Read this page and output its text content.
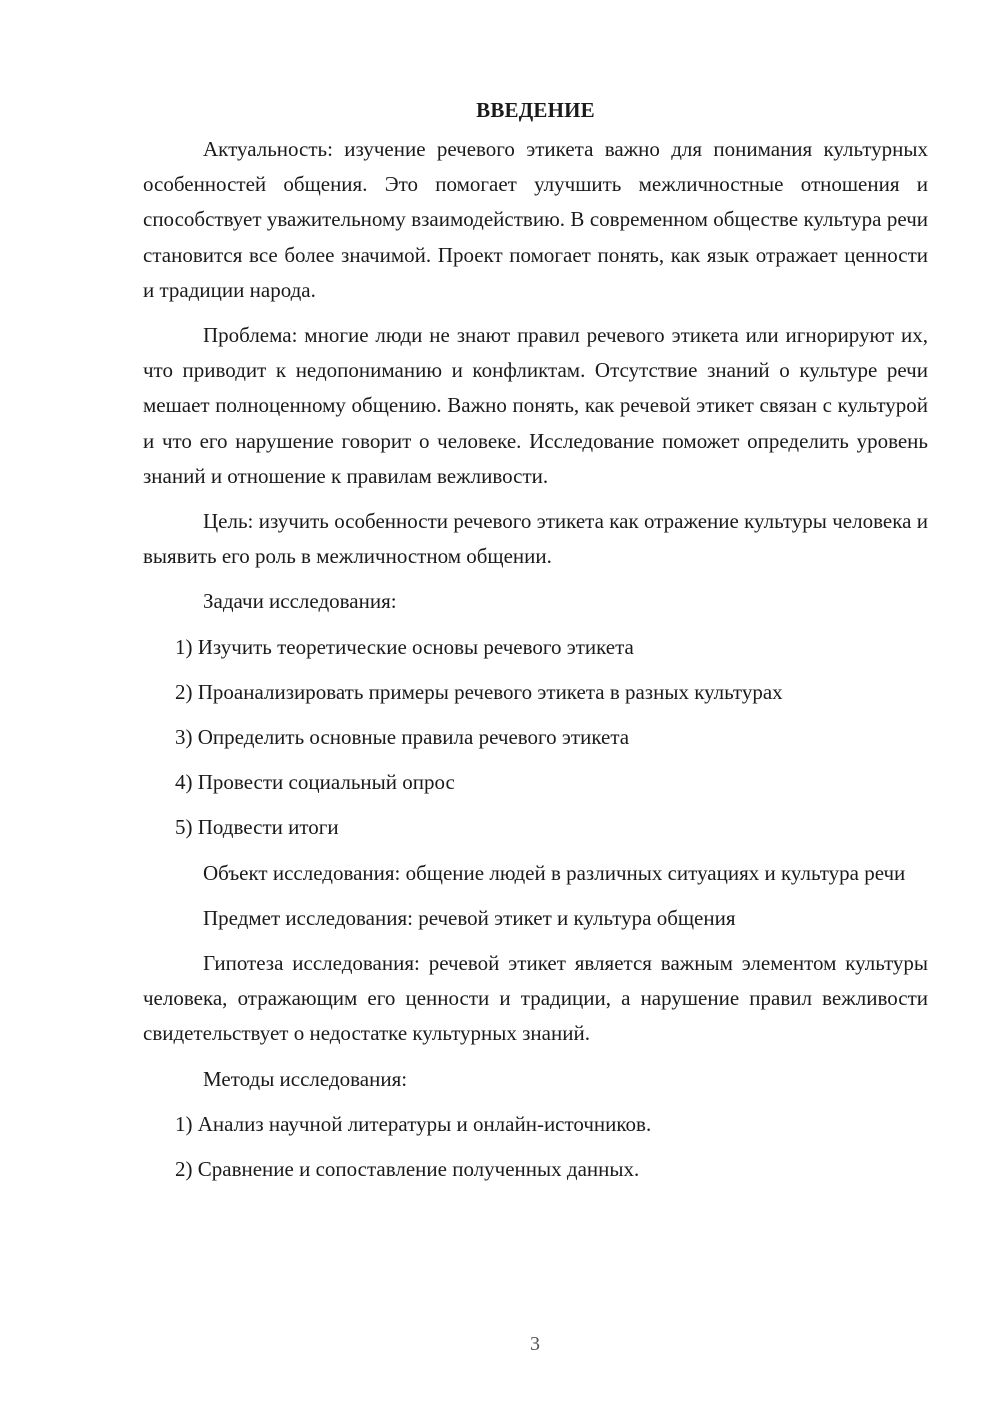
ВВЕДЕНИЕ

Актуальность: изучение речевого этикета важно для понимания культурных особенностей общения. Это помогает улучшить межличностные отношения и способствует уважительному взаимодействию. В современном обществе культура речи становится все более значимой. Проект помогает понять, как язык отражает ценности и традиции народа.

Проблема: многие люди не знают правил речевого этикета или игнорируют их, что приводит к недопониманию и конфликтам. Отсутствие знаний о культуре речи мешает полноценному общению. Важно понять, как речевой этикет связан с культурой и что его нарушение говорит о человеке. Исследование поможет определить уровень знаний и отношение к правилам вежливости.

Цель: изучить особенности речевого этикета как отражение культуры человека и выявить его роль в межличностном общении.

Задачи исследования:

1) Изучить теоретические основы речевого этикета
2) Проанализировать примеры речевого этикета в разных культурах
3) Определить основные правила речевого этикета
4) Провести социальный опрос
5) Подвести итоги

Объект исследования: общение людей в различных ситуациях и культура речи

Предмет исследования: речевой этикет и культура общения

Гипотеза исследования: речевой этикет является важным элементом культуры человека, отражающим его ценности и традиции, а нарушение правил вежливости свидетельствует о недостатке культурных знаний.

Методы исследования:

1) Анализ научной литературы и онлайн-источников.
2) Сравнение и сопоставление полученных данных.
3
